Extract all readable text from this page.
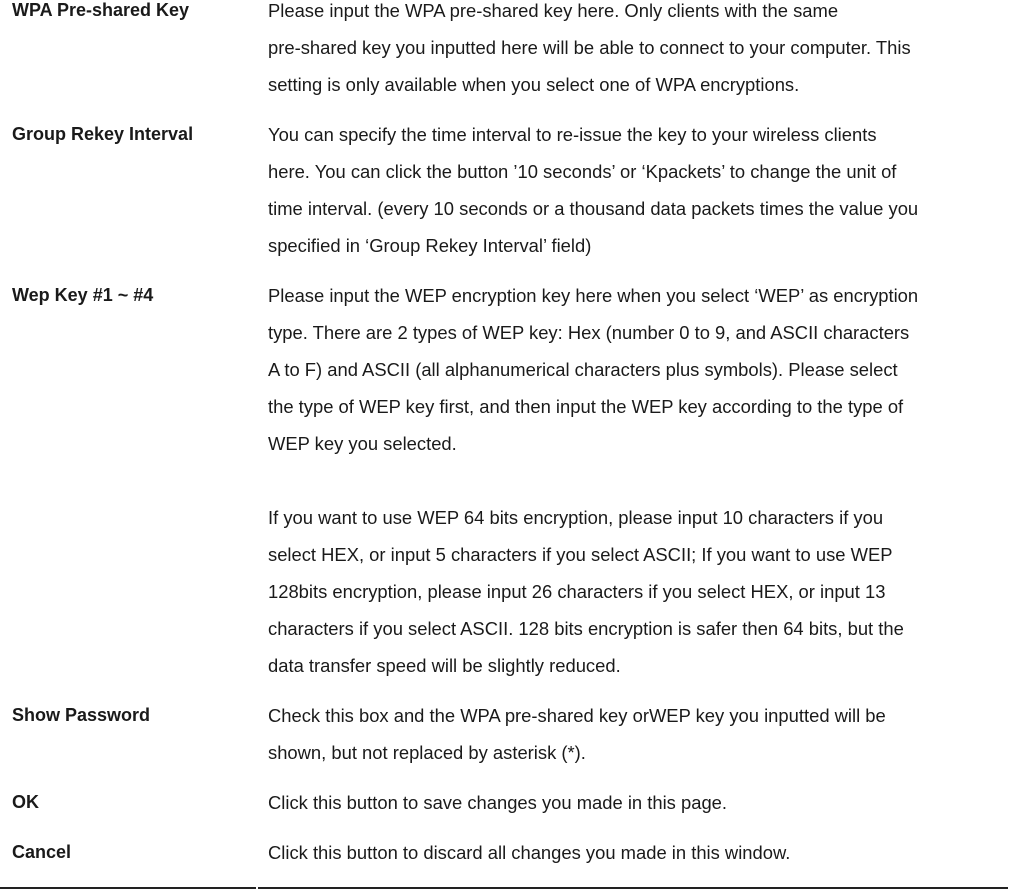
WPA Pre-shared Key	Please input the WPA pre-shared key here. Only clients with the same
pre-shared key you inputted here will be able to connect to your computer. This
setting is only available when you select one of WPA encryptions.
Group Rekey Interval	You can specify the time interval to re-issue the key to your wireless clients
here. You can click the button ’10 seconds’ or ‘Kpackets’ to change the unit of
time interval. (every 10 seconds or a thousand data packets times the value you
specified in ‘Group Rekey Interval’ field)
Wep Key #1 ~ #4	Please input the WEP encryption key here when you select ‘WEP’ as encryption
type. There are 2 types of WEP key: Hex (number 0 to 9, and ASCII characters
A to F) and ASCII (all alphanumerical characters plus symbols). Please select
the type of WEP key first, and then input the WEP key according to the type of
WEP key you selected.
If you want to use WEP 64 bits encryption, please input 10 characters if you
select HEX, or input 5 characters if you select ASCII; If you want to use WEP
128bits encryption, please input 26 characters if you select HEX, or input 13
characters if you select ASCII. 128 bits encryption is safer then 64 bits, but the
data transfer speed will be slightly reduced.
Show Password	Check this box and the WPA pre-shared key orWEP key you inputted will be
shown, but not replaced by asterisk (*).
OK	Click this button to save changes you made in this page.
Cancel	Click this button to discard all changes you made in this window.
